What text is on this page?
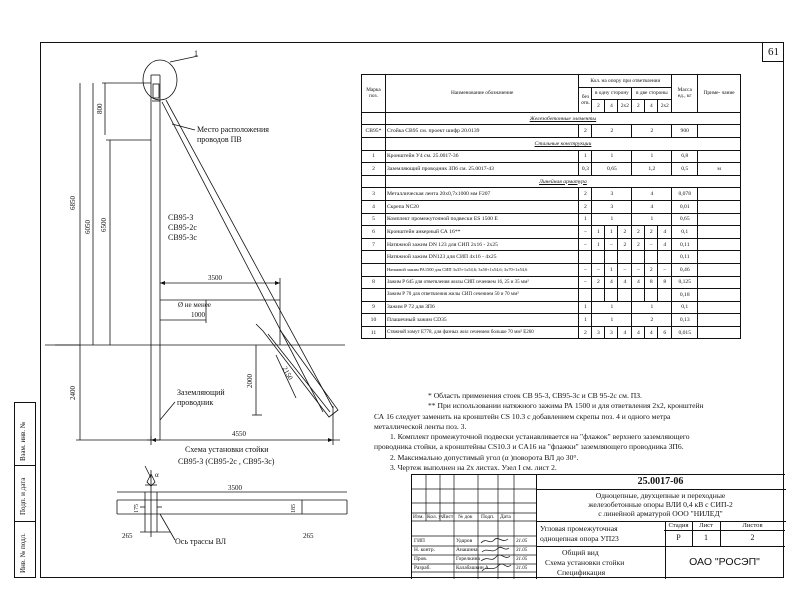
61
Инв. № подл.
Подп. и дата
Взам. инв. №
1
Место расположения
проводов ПВ
СВ95-3
СВ95-2с
СВ95-3с
Заземляющий
проводник
Ø не менее
800
6850
6050 6500
3500
1000
2400
2000	2150
4550
Схема установки стойки
СВ95-3 (СВ95-2с , СВ95-3с)
α
3500
175	185
265	265
Ось трассы ВЛ
Марка поз.	Наименование обозначение	Кол. на опору при ответвлении							Масса ед., кг	Приме- чание
		без отв.	в одну сторону			в две стороны				
			2	4	2х2	2	4	2х2		
	Железобетонные элементы									
СВ95*	Стойка СВ95 см. проект шифр 20.0139	2	2			2			900	
	Стальные конструкции									
1	Кронштейн У4 см. 25.0017-36	1	1			1			6,8	
2	Заземляющий проводник ЗП6 см. 25.0017-43	0,3	0,65			1,2			0,5	м
	Линейная арматура									
3	Металлическая лента 20х0,7х1000 мм F207	2	3			4			0,078	
4	Скрепа NC20	2	3			4			0,01	
5	Комплект промежуточной подвески ES 1500 E	1	1			1			0,65	
6	Кронштейн анкерный СА 16**	–	1	1	2	2	2	4	0,1	
7	Натяжной зажим DN 123 для СИП 2х16 - 2х25	–	1	–	2	2	–	4	0,11	
	Натяжной зажим DN123 для СИП 4х16 - 4х25								0,11	
	Натяжной зажим РА1500 для СИП 3х35+1х54,6; 3х50+1х54,6; 3х70+1х54,6	–	–	1	–	–	2	–	0,46	
8	Зажим Р 645 для ответвления жилы СИП сечением 16, 25 и 35 мм²	–	2	4	4	4	8	8	0,125	
	Зажим Р 70 для ответвления жилы СИП сечением 50 и 70 мм²								0,18	
9	Зажим Р 72 для ЗП6	1	1			1			0,1	
10	Плашечный зажим CD35	1	1			2			0,13	
11	Стяжной хомут Е778, для фазных жил сечением больше 70 мм² Е260	2	3	3	4	4	4	6	0,015	
* Область применения стоек СВ 95-3, СВ95-3с и СВ 95-2с см. ПЗ.
** При использовании натяжного зажима РА 1500 и для ответвления 2х2, кронштейн
СА 16 следует заменить на кронштейн CS 10.3 с добавлением скрепы поз. 4 и одного метра
металлической ленты поз. 3.
1. Комплект промежуточной подвески устанавливается на "флажок" верхнего заземляющего
проводника стойки, а кронштейны CS10.3 и CA16 на "флажки" заземляющего проводника ЗП6.
2. Максимально допустимый угол (α )поворота ВЛ до 30°.
3. Чертеж выполнен на 2х листах. Узел I см. лист 2.
25.0017-06
Одноцепные, двухцепные и переходные
железобетонные опоры ВЛИ 0,4 кВ с СИП-2
с линейной арматурой ООО "НИЛЕД"
Изм. Кол. уч
Лист № док Подп. Дата
ГИП	Ударов	31.05
Н. контр.	Анашина	31.05
Пров.	Горелкина	31.05
Разраб.	Калабашкин А.	31.05
Угловая промежуточная
одноцепная опора УП23
Общий вид
Схема установки стойки
Спецификация
Стадия	Лист	Листов
Р	1	2
ОАО "РОСЭП"
